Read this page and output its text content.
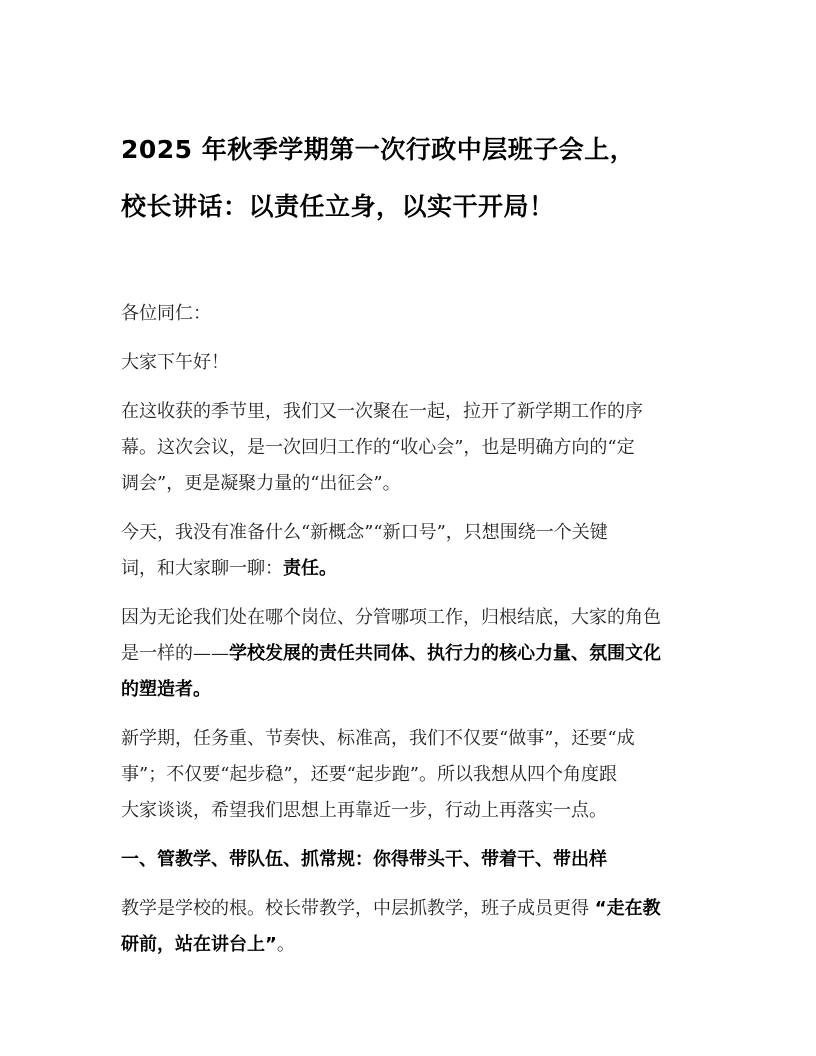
2025 年秋季学期第一次行政中层班子会上，
校长讲话：以责任立身，以实干开局！
各位同仁：
大家下午好！
在这收获的季节里，我们又一次聚在一起，拉开了新学期工作的序
幕。这次会议，是一次回归工作的“收心会”，也是明确方向的“定
调会”，更是凝聚力量的“出征会”。
今天，我没有准备什么“新概念”“新口号”，只想围绕一个关键
词，和大家聊一聊：责任。
因为无论我们处在哪个岗位、分管哪项工作，归根结底，大家的角色
是一样的——学校发展的责任共同体、执行力的核心力量、氛围文化
的塑造者。
新学期，任务重、节奏快、标准高，我们不仅要“做事”，还要“成
事”；不仅要“起步稳”，还要“起步跑”。所以我想从四个角度跟
大家谈谈，希望我们思想上再靠近一步，行动上再落实一点。
一、管教学、带队伍、抓常规：你得带头干、带着干、带出样
教学是学校的根。校长带教学，中层抓教学，班子成员更得 “走在教
研前，站在讲台上”。
